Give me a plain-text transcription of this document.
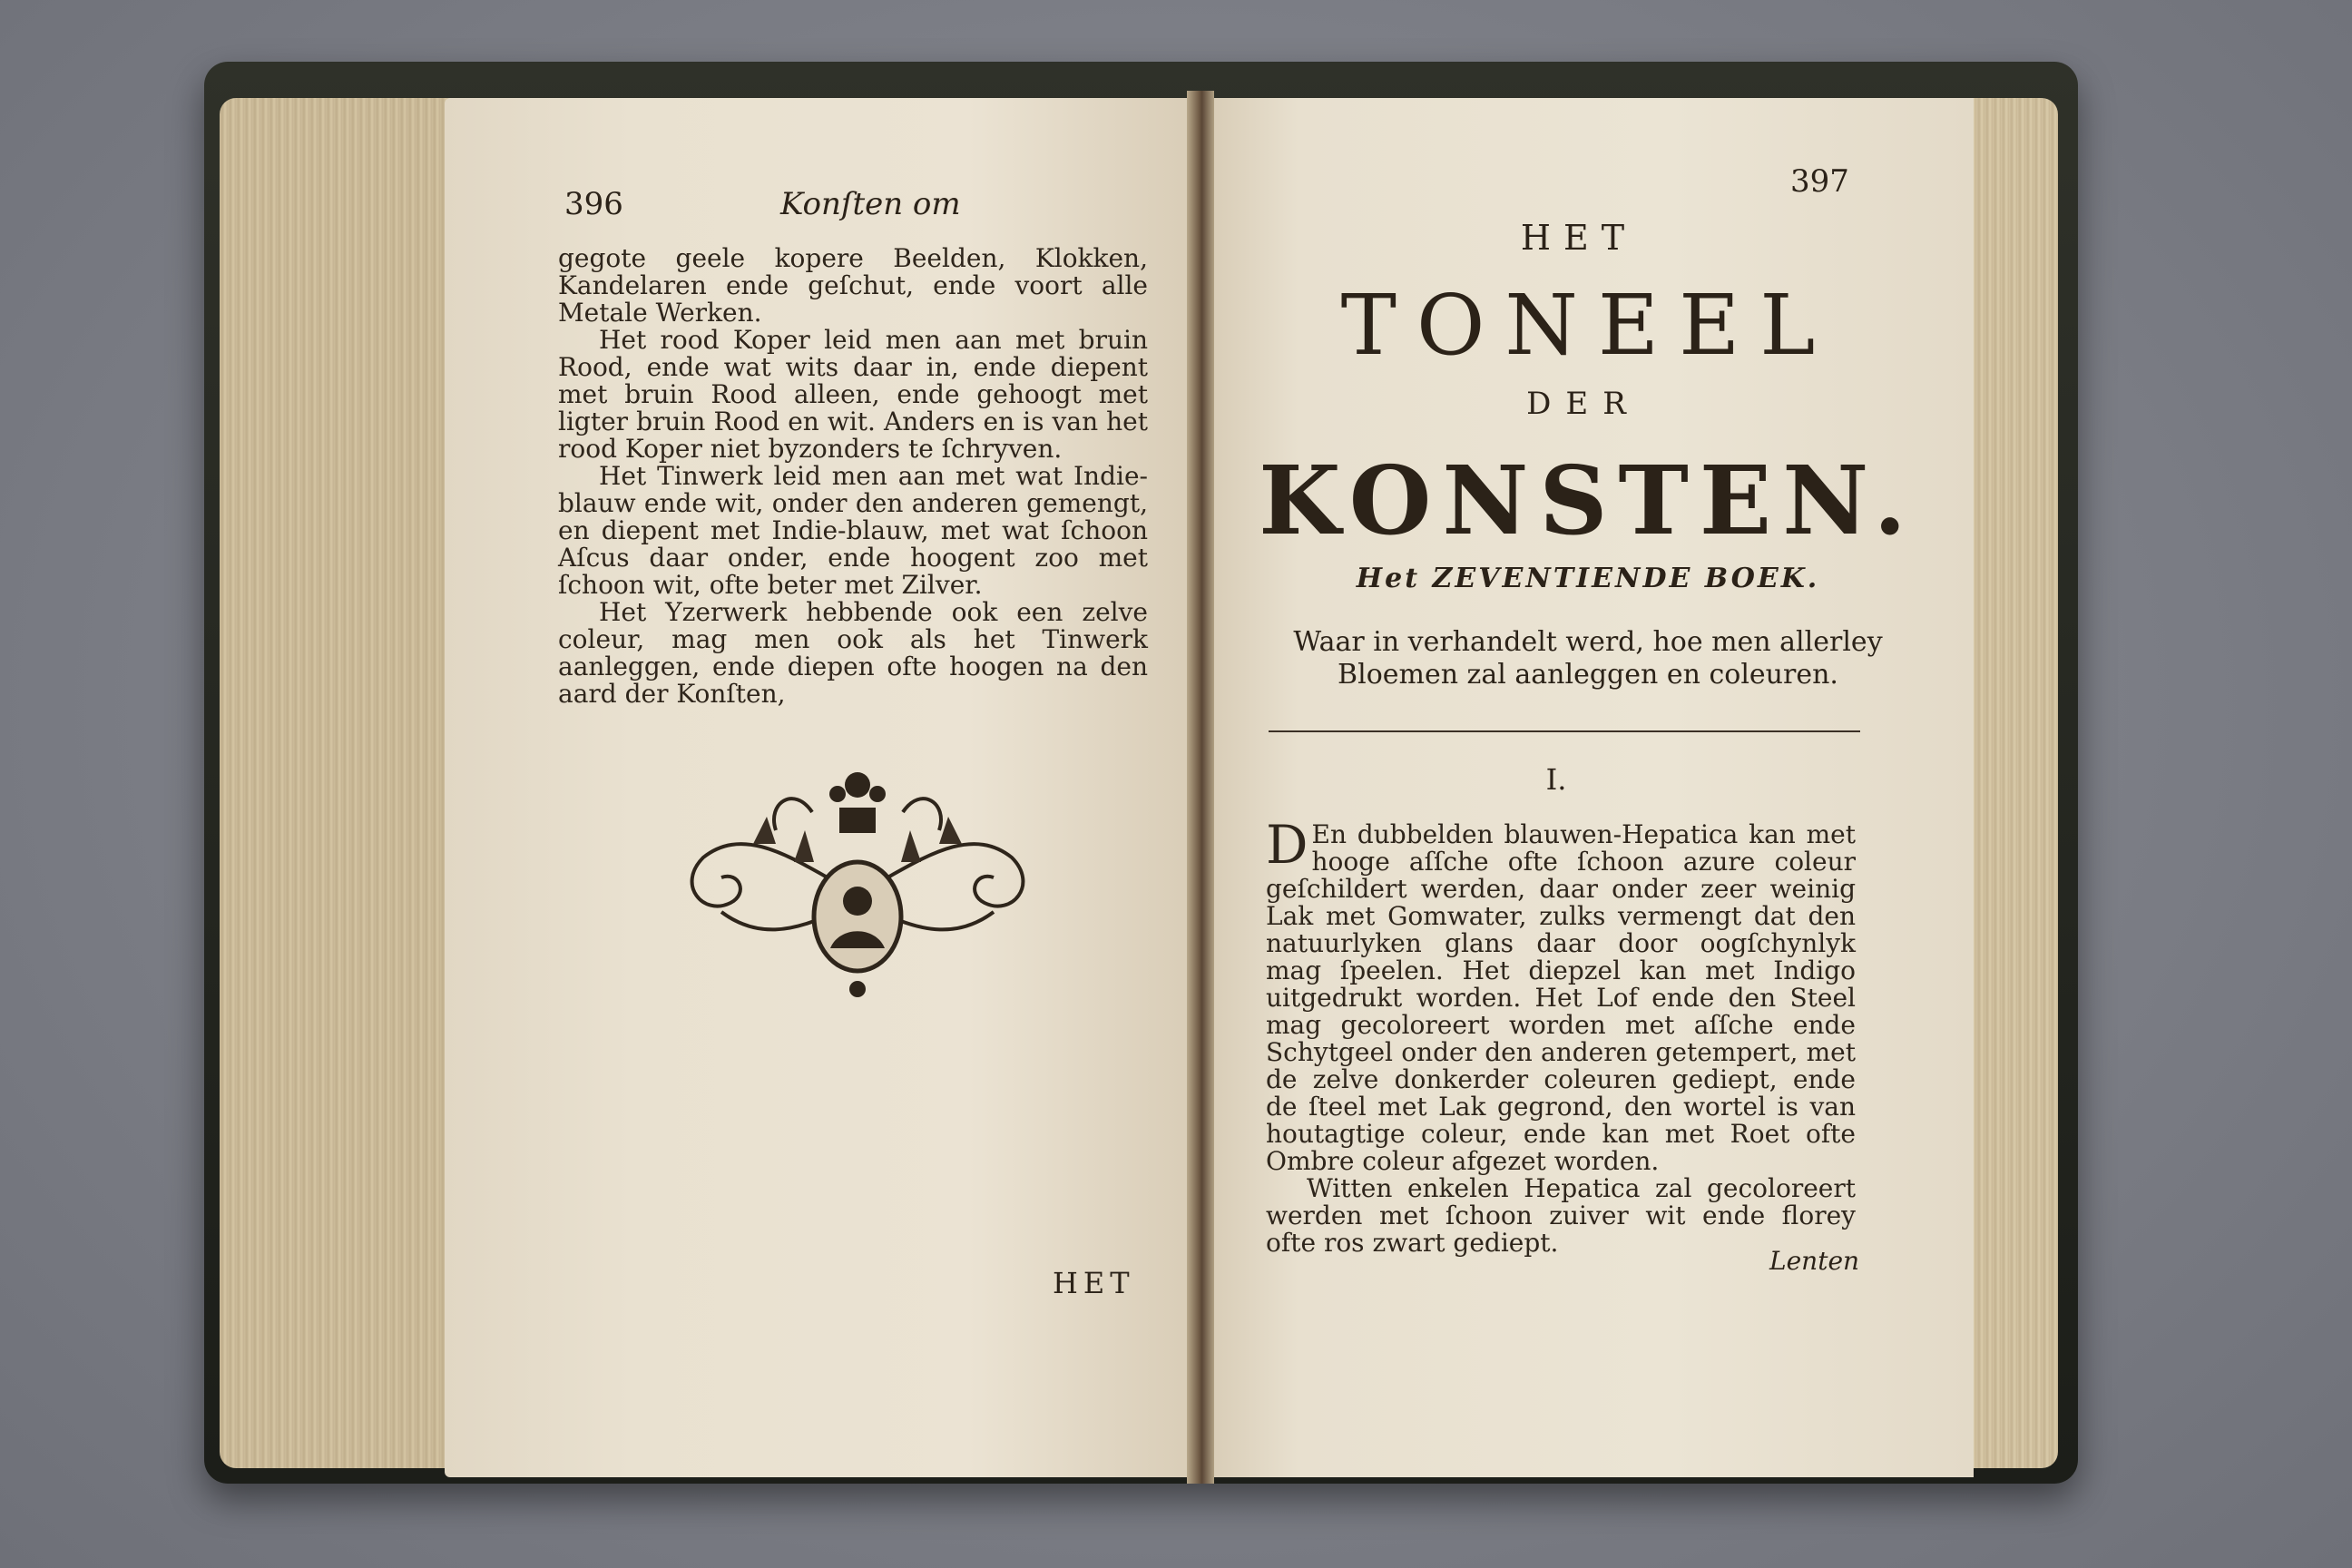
396	Konſten om

gegote geele kopere Beelden, Klokken, Kandelaren ende geſchut, ende voort alle Metale Werken.

Het rood Koper leid men aan met bruin Rood, ende wat wits daar in, ende diepent met bruin Rood alleen, ende gehoogt met ligter bruin Rood en wit. Anders en is van het rood Koper niet byzonders te ſchryven.

Het Tinwerk leid men aan met wat Indie-blauw ende wit, onder den anderen gemengt, en diepent met Indie-blauw, met wat ſchoon Aſcus daar onder, ende hoogent zoo met ſchoon wit, ofte beter met Zilver.

Het Yzerwerk hebbende ook een zelve coleur, mag men ook als het Tinwerk aanleggen, ende diepen ofte hoogen na den aard der Konſten,

HET
397
HET
TONEEL
DER
KONSTEN.
Het ZEVENTIENDE BOEK.
Waar in verhandelt werd, hoe men allerley Bloemen zal aanleggen en coleuren.
I.

D En dubbelden blauwen-Hepatica kan met hooge aſſche ofte ſchoon azure coleur geſchildert werden, daar onder zeer weinig Lak met Gomwater, zulks vermengt dat den natuurlyken glans daar door oogſchynlyk mag ſpeelen. Het diepzel kan met Indigo uitgedrukt worden. Het Lof ende den Steel mag gecoloreert worden met aſſche ende Schytgeel onder den anderen getempert, met de zelve donkerder coleuren gediept, ende de ſteel met Lak gegrond, den wortel is van houtagtige coleur, ende kan met Roet ofte Ombre coleur afgezet worden.

Witten enkelen Hepatica zal gecoloreert werden met ſchoon zuiver wit ende florey ofte ros zwart gediept.

Lenten
